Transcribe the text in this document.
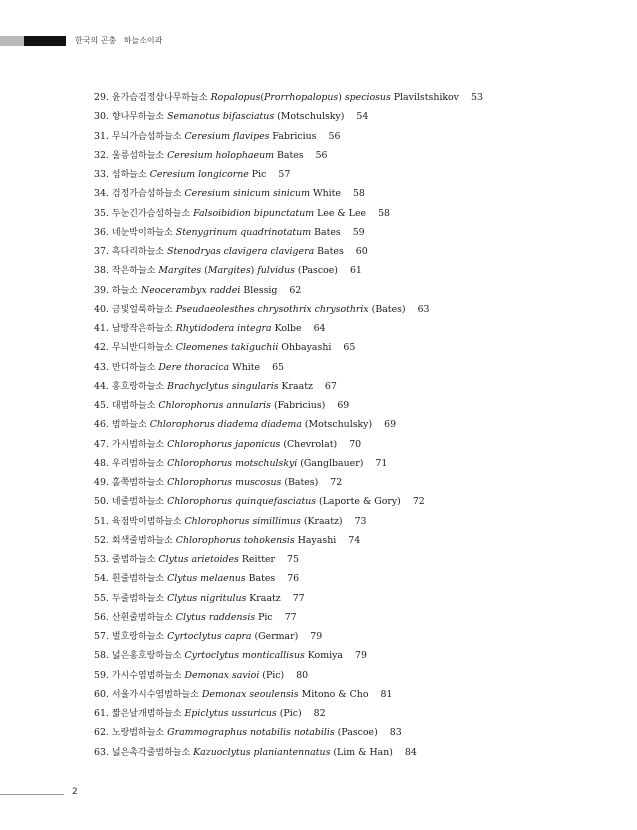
한국의 곤충 하늘소이과
29. 윤가슴검정삼나무하늘소 Ropalopus(Prorrhopalopus) speciosus Plavilstshikov 53
30. 향나무하늘소 Semanotus bifasciatus (Motschulsky) 54
31. 무늬가슴섬하늘소 Ceresium flavipes Fabricius 56
32. 울릉섬하늘소 Ceresium holophaeum Bates 56
33. 섬하늘소 Ceresium longicorne Pic 57
34. 검정가슴섬하늘소 Ceresium sinicum sinicum White 58
35. 두눈긴가슴섬하늘소 Falsoibidion bipunctatum Lee & Lee 58
36. 네눈박이하늘소 Stenygrinum quadrinotatum Bates 59
37. 흑다리하늘소 Stenodryas clavigera clavigera Bates 60
38. 작은하늘소 Margites (Margites) fulvidus (Pascoe) 61
39. 하늘소 Neocerambyx raddei Blessig 62
40. 금빛얼룩하늘소 Pseudaeolesthes chrysothrix chrysothrix (Bates) 63
41. 남방작은하늘소 Rhytidodera integra Kolbe 64
42. 무늬반디하늘소 Cleomenes takiguchii Ohbayashi 65
43. 반디하늘소 Dere thoracica White 65
44. 홍호랑하늘소 Brachyclytus singularis Kraatz 67
45. 대범하늘소 Chlorophorus annularis (Fabricius) 69
46. 범하늘소 Chlorophorus diadema diadema (Motschulsky) 69
47. 가시범하늘소 Chlorophorus japonicus (Chevrolat) 70
48. 우리범하늘소 Chlorophorus motschulskyi (Ganglbauer) 71
49. 홀쭉범하늘소 Chlorophorus muscosus (Bates) 72
50. 네줄범하늘소 Chlorophorus quinquefasciatus (Laporte & Gory) 72
51. 육점박이범하늘소 Chlorophorus simillimus (Kraatz) 73
52. 회색줄범하늘소 Chlorophorus tohokensis Hayashi 74
53. 줄범하늘소 Clytus arietoides Reitter 75
54. 흰줄범하늘소 Clytus melaenus Bates 76
55. 두줄범하늘소 Clytus nigritulus Kraatz 77
56. 산흰줄범하늘소 Clytus raddensis Pic 77
57. 벌호랑하늘소 Cyrtoclytus capra (Germar) 79
58. 넓은홍호랑하늘소 Cyrtoclytus monticallisus Komiya 79
59. 가시수염범하늘소 Demonax savioi (Pic) 80
60. 서울가시수염범하늘소 Demonax seoulensis Mitono & Cho 81
61. 짧은날개범하늘소 Epiclytus ussuricus (Pic) 82
62. 노랑범하늘소 Grammographus notabilis notabilis (Pascoe) 83
63. 넓은촉각줄범하늘소 Kazuoclytus planiantennatus (Lim & Han) 84
2
